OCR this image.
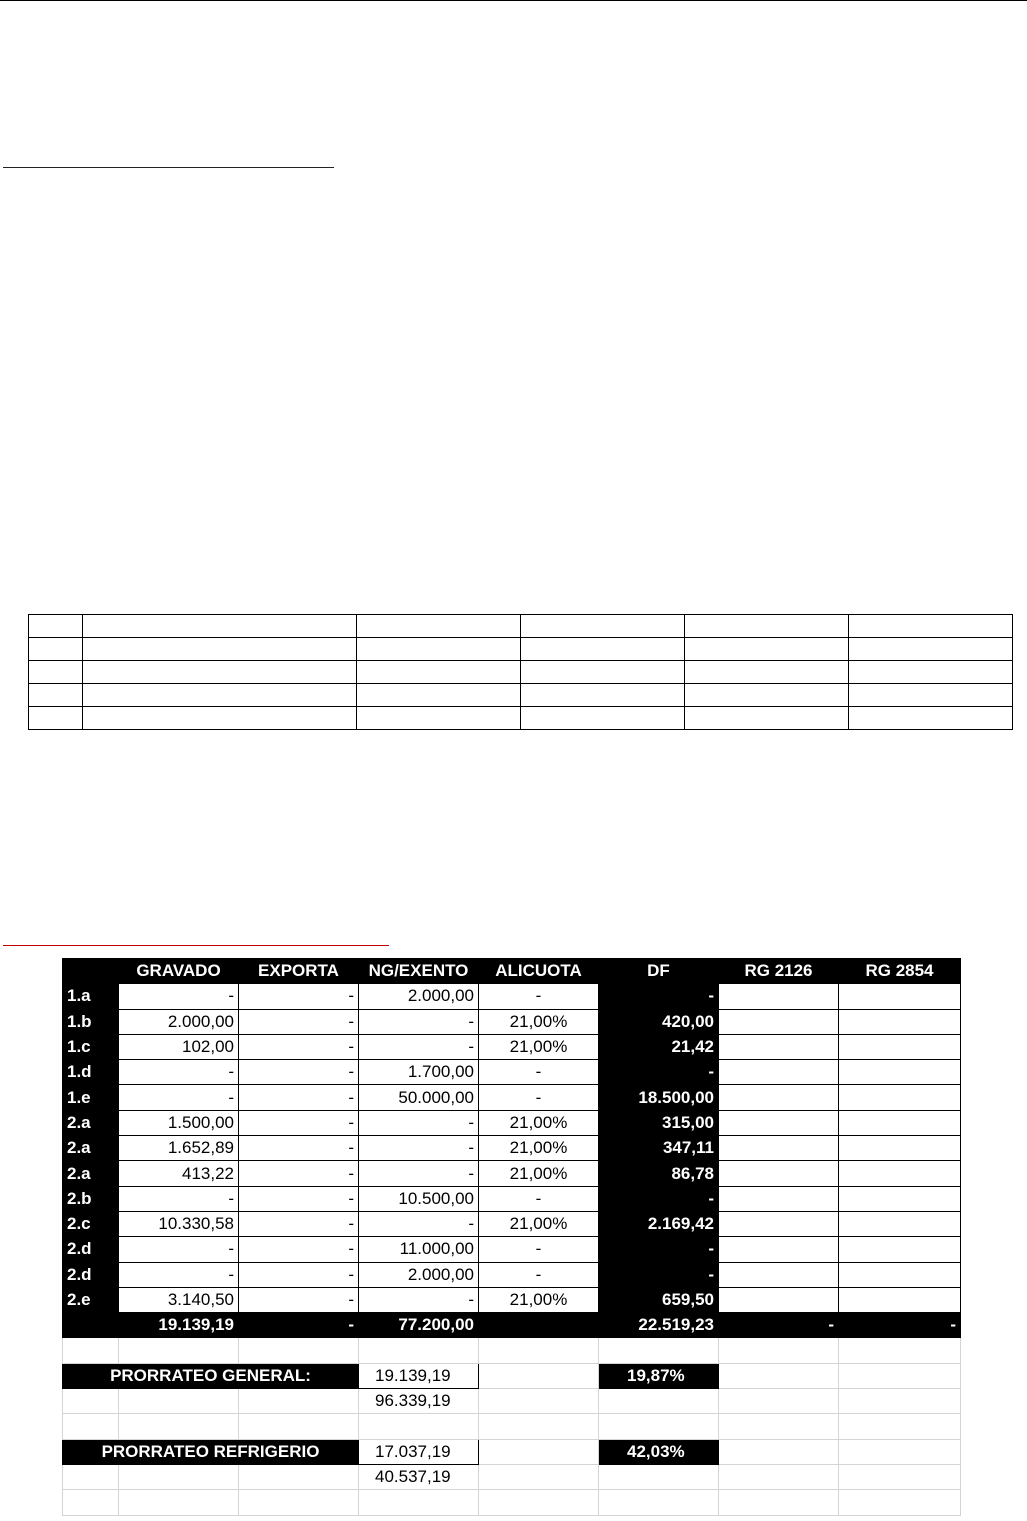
	GRAVADO	EXPORTA	NG/EXENTO	ALICUOTA	DF	RG 2126	RG 2854
1.a	-	-	2.000,00	-	-		
1.b	2.000,00	-	-	21,00%	420,00		
1.c	102,00	-	-	21,00%	21,42		
1.d	-	-	1.700,00	-	-		
1.e	-	-	50.000,00	-	18.500,00		
2.a	1.500,00	-	-	21,00%	315,00		
2.a	1.652,89	-	-	21,00%	347,11		
2.a	413,22	-	-	21,00%	86,78		
2.b	-	-	10.500,00	-	-		
2.c	10.330,58	-	-	21,00%	2.169,42		
2.d	-	-	11.000,00	-	-		
2.d	-	-	2.000,00	-	-		
2.e	3.140,50	-	-	21,00%	659,50		
	19.139,19	-	77.200,00		22.519,23	-	-

PRORRATEO GENERAL:			19.139,19		19,87%		
			96.339,19				

PRORRATEO REFRIGERIO			17.037,19		42,03%		
			40.537,19				
